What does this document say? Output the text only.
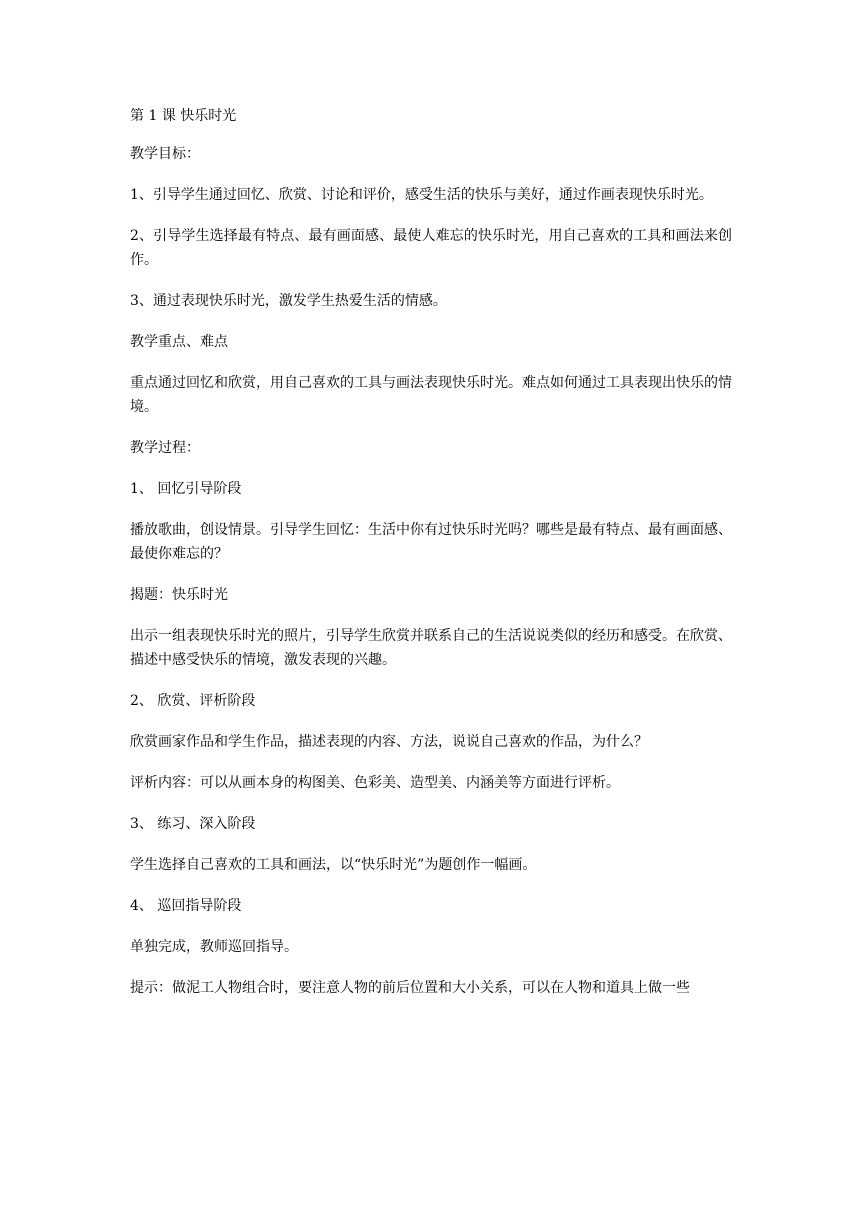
第 1 课 快乐时光

教学目标：

1、引导学生通过回忆、欣赏、讨论和评价，感受生活的快乐与美好，通过作画表现快乐时光。

2、引导学生选择最有特点、最有画面感、最使人难忘的快乐时光，用自己喜欢的工具和画法来创作。

3、通过表现快乐时光，激发学生热爱生活的情感。

教学重点、难点

重点通过回忆和欣赏，用自己喜欢的工具与画法表现快乐时光。难点如何通过工具表现出快乐的情境。

教学过程：

1、 回忆引导阶段

播放歌曲，创设情景。引导学生回忆：生活中你有过快乐时光吗？哪些是最有特点、最有画面感、最使你难忘的？

揭题：快乐时光

出示一组表现快乐时光的照片，引导学生欣赏并联系自己的生活说说类似的经历和感受。在欣赏、描述中感受快乐的情境，激发表现的兴趣。

2、 欣赏、评析阶段

欣赏画家作品和学生作品，描述表现的内容、方法，说说自己喜欢的作品，为什么？

评析内容：可以从画本身的构图美、色彩美、造型美、内涵美等方面进行评析。

3、 练习、深入阶段

学生选择自己喜欢的工具和画法，以“快乐时光”为题创作一幅画。

4、 巡回指导阶段

单独完成，教师巡回指导。

提示：做泥工人物组合时，要注意人物的前后位置和大小关系，可以在人物和道具上做一些
